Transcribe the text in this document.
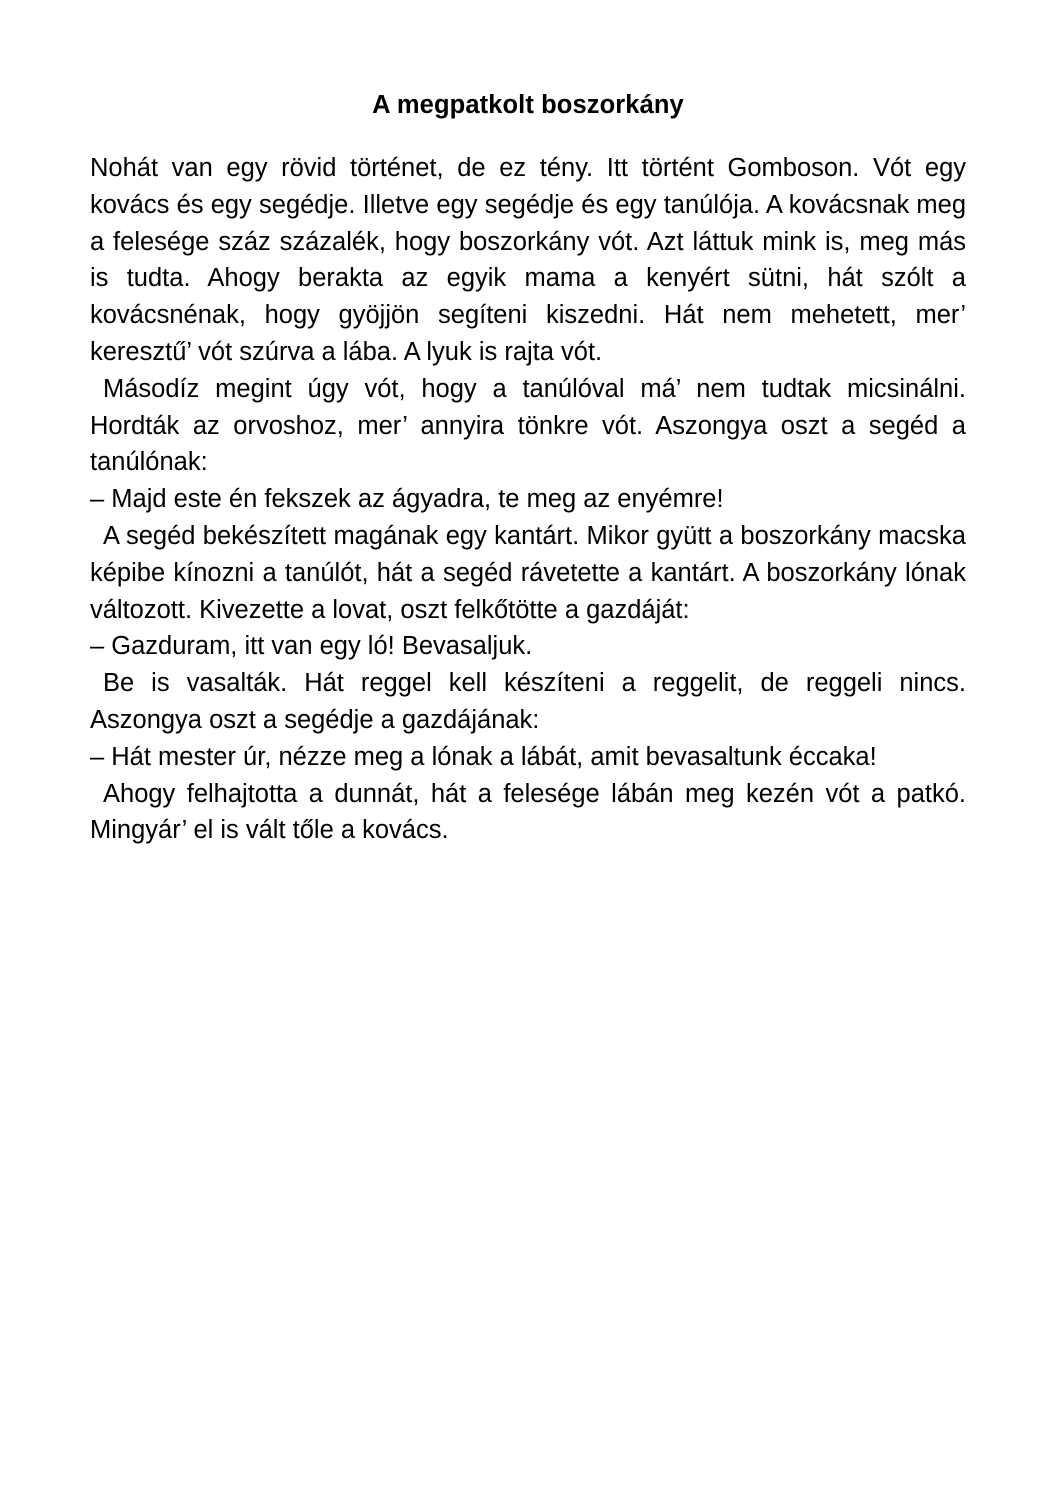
A megpatkolt boszorkány

Nohát van egy rövid történet, de ez tény. Itt történt Gomboson. Vót egy kovács és egy segédje. Illetve egy segédje és egy tanúlója. A kovácsnak meg a felesége száz százalék, hogy boszorkány vót. Azt láttuk mink is, meg más is tudta. Ahogy berakta az egyik mama a kenyért sütni, hát szólt a kovácsnénak, hogy gyöjjön segíteni kiszedni. Hát nem mehetett, mer’ keresztű’ vót szúrva a lába. A lyuk is rajta vót.

Másodíz megint úgy vót, hogy a tanúlóval má’ nem tudtak micsinálni. Hordták az orvoshoz, mer’ annyira tönkre vót. Aszongya oszt a segéd a tanúlónak:

– Majd este én fekszek az ágyadra, te meg az enyémre!

A segéd bekészített magának egy kantárt. Mikor gyütt a boszorkány macska képibe kínozni a tanúlót, hát a segéd rávetette a kantárt. A boszorkány lónak változott. Kivezette a lovat, oszt felkőtötte a gazdáját:

– Gazduram, itt van egy ló! Bevasaljuk.

Be is vasalták. Hát reggel kell készíteni a reggelit, de reggeli nincs. Aszongya oszt a segédje a gazdájának:

– Hát mester úr, nézze meg a lónak a lábát, amit bevasaltunk éccaka!

Ahogy felhajtotta a dunnát, hát a felesége lábán meg kezén vót a patkó. Mingyár’ el is vált tőle a kovács.
